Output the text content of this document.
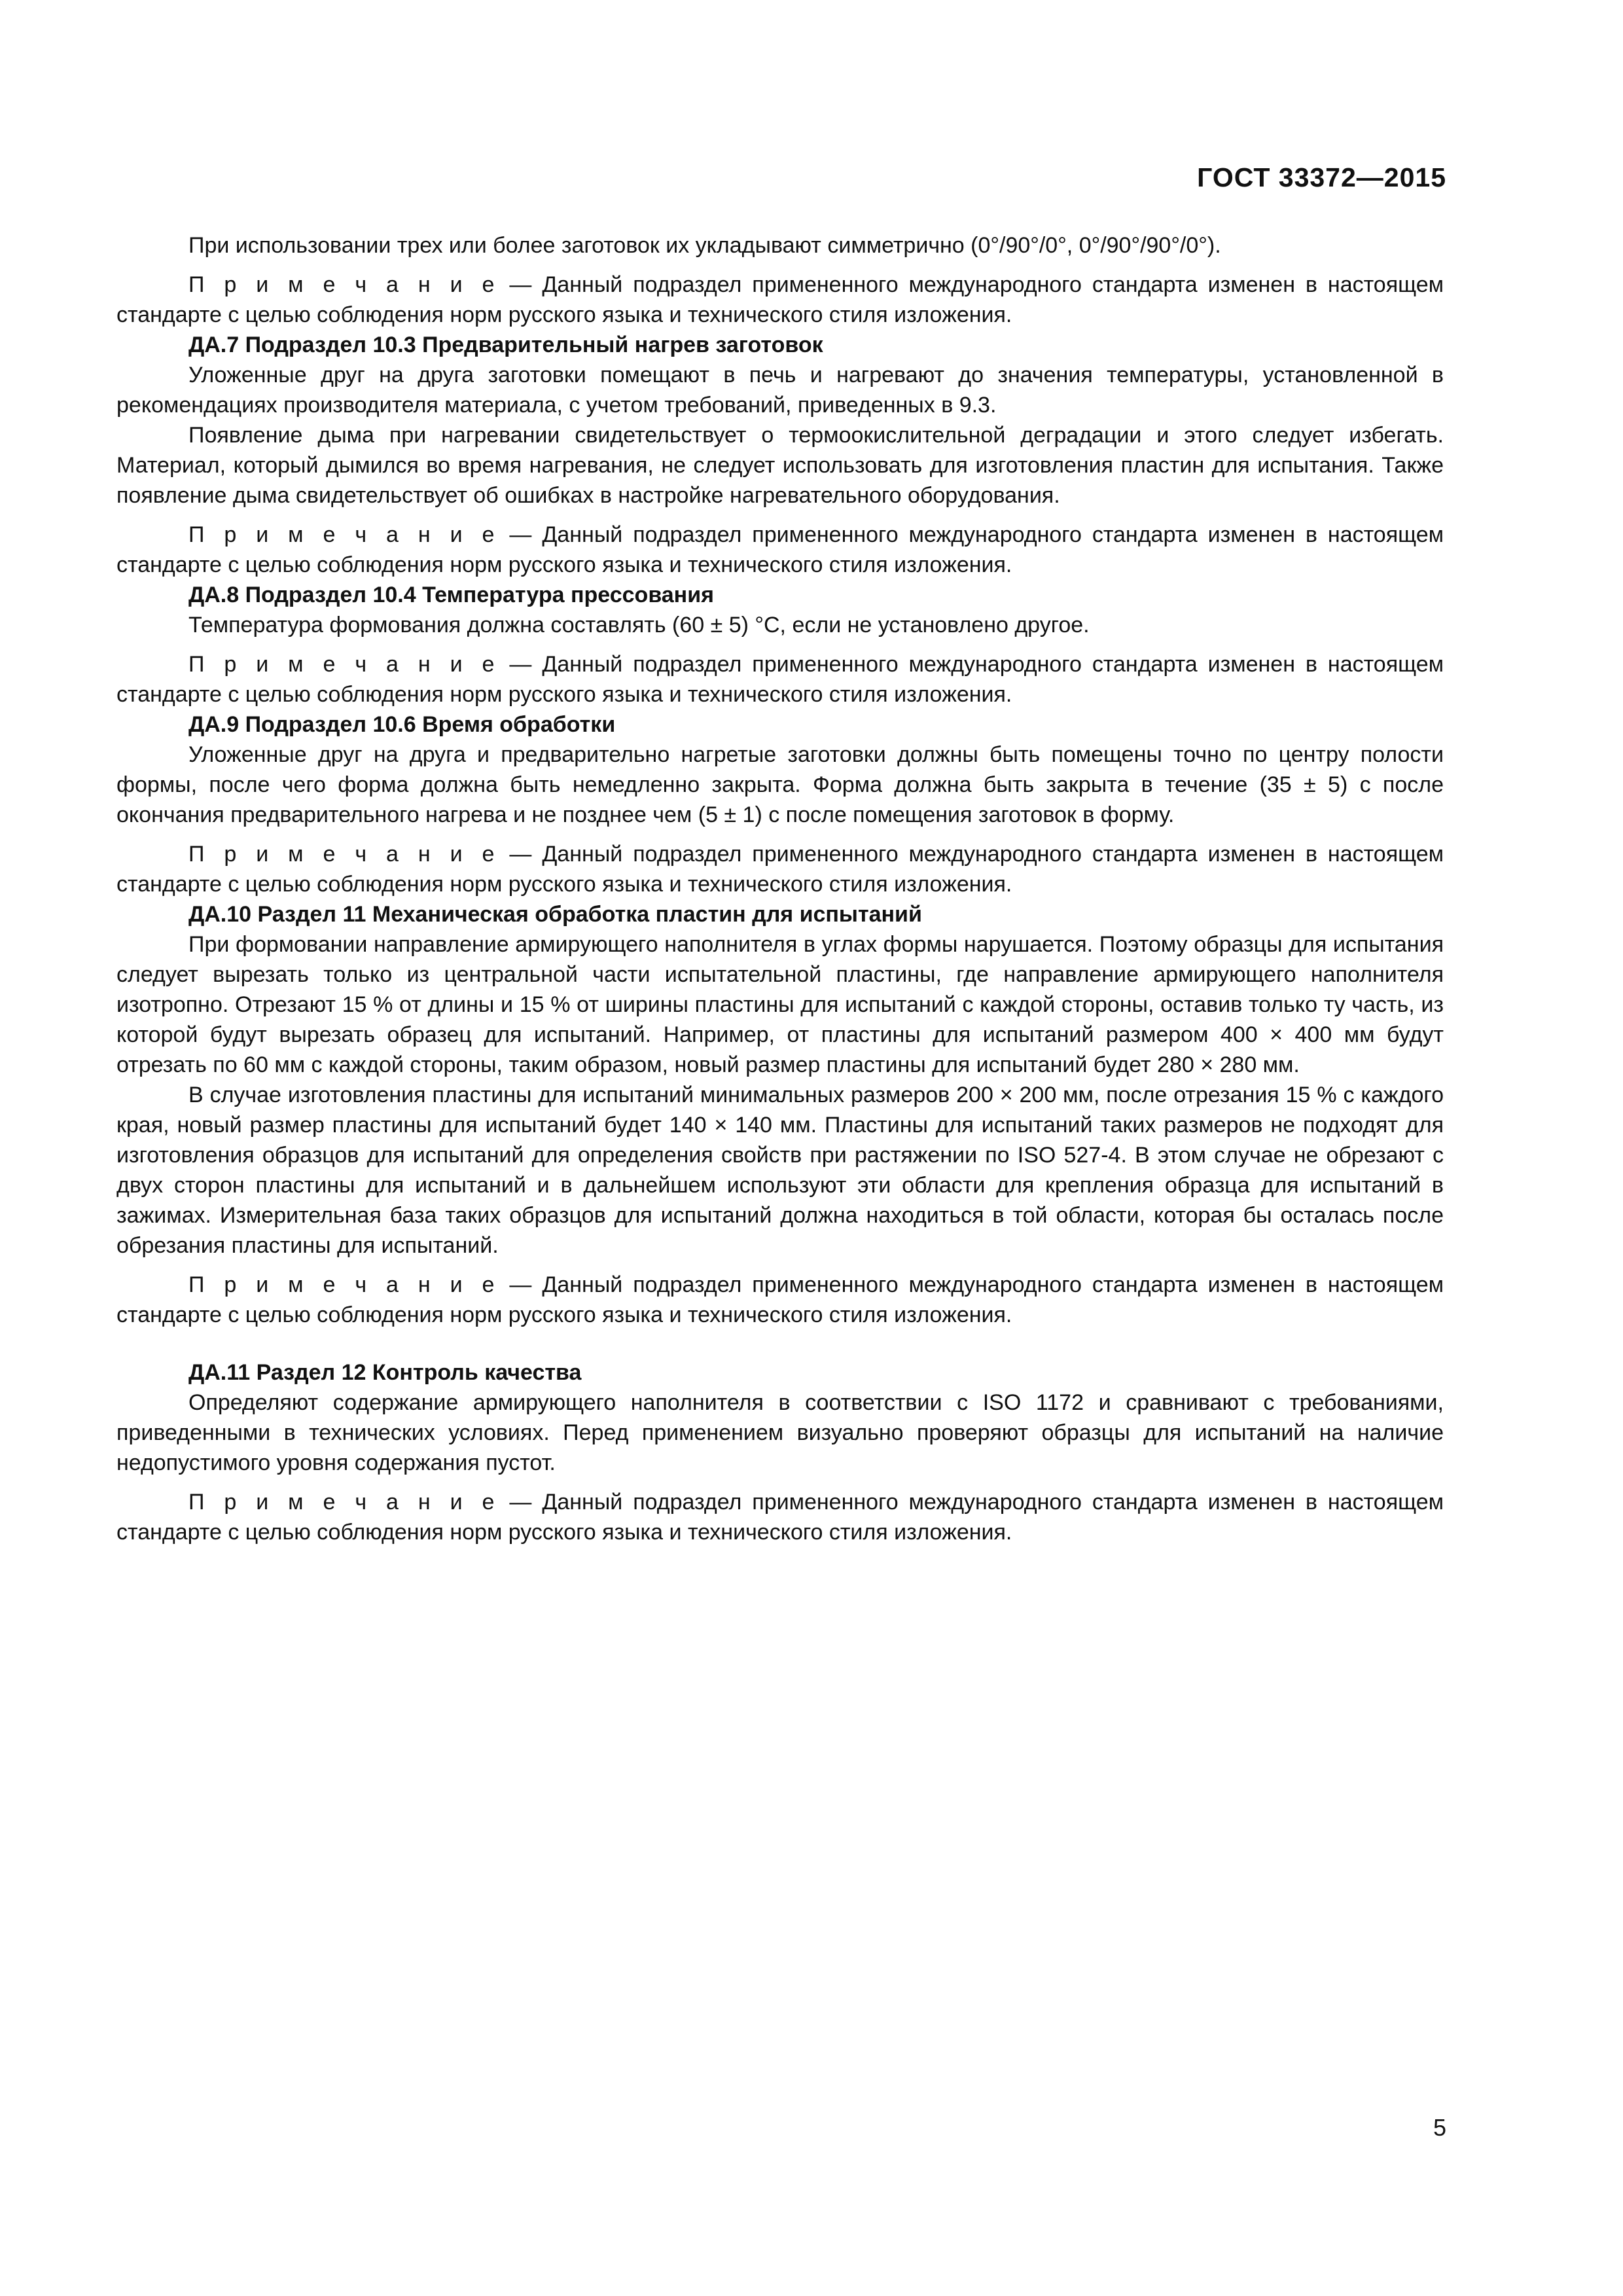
ГОСТ 33372—2015

При использовании трех или более заготовок их укладывают симметрично (0°/90°/0°, 0°/90°/90°/0°).

П р и м е ч а н и е — Данный подраздел примененного международного стандарта изменен в настоящем стандарте с целью соблюдения норм русского языка и технического стиля изложения.

ДА.7 Подраздел 10.3 Предварительный нагрев заготовок

Уложенные друг на друга заготовки помещают в печь и нагревают до значения температуры, установленной в рекомендациях производителя материала, с учетом требований, приведенных в 9.3.

Появление дыма при нагревании свидетельствует о термоокислительной деградации и этого следует избегать. Материал, который дымился во время нагревания, не следует использовать для изготовления пластин для испытания. Также появление дыма свидетельствует об ошибках в настройке нагревательного оборудования.

П р и м е ч а н и е — Данный подраздел примененного международного стандарта изменен в настоящем стандарте с целью соблюдения норм русского языка и технического стиля изложения.

ДА.8 Подраздел 10.4 Температура прессования

Температура формования должна составлять (60 ± 5) °С, если не установлено другое.

П р и м е ч а н и е — Данный подраздел примененного международного стандарта изменен в настоящем стандарте с целью соблюдения норм русского языка и технического стиля изложения.

ДА.9 Подраздел 10.6 Время обработки

Уложенные друг на друга и предварительно нагретые заготовки должны быть помещены точно по центру полости формы, после чего форма должна быть немедленно закрыта. Форма должна быть закрыта в течение (35 ± 5) с после окончания предварительного нагрева и не позднее чем (5 ± 1) с после помещения заготовок в форму.

П р и м е ч а н и е — Данный подраздел примененного международного стандарта изменен в настоящем стандарте с целью соблюдения норм русского языка и технического стиля изложения.

ДА.10 Раздел 11 Механическая обработка пластин для испытаний

При формовании направление армирующего наполнителя в углах формы нарушается. Поэтому образцы для испытания следует вырезать только из центральной части испытательной пластины, где направление армирующего наполнителя изотропно. Отрезают 15 % от длины и 15 % от ширины пластины для испытаний с каждой стороны, оставив только ту часть, из которой будут вырезать образец для испытаний. Например, от пластины для испытаний размером 400 × 400 мм будут отрезать по 60 мм с каждой стороны, таким образом, новый размер пластины для испытаний будет 280 × 280 мм.

В случае изготовления пластины для испытаний минимальных размеров 200 × 200 мм, после отрезания 15 % с каждого края, новый размер пластины для испытаний будет 140 × 140 мм. Пластины для испытаний таких размеров не подходят для изготовления образцов для испытаний для определения свойств при растяжении по ISO 527-4. В этом случае не обрезают с двух сторон пластины для испытаний и в дальнейшем используют эти области для крепления образца для испытаний в зажимах. Измерительная база таких образцов для испытаний должна находиться в той области, которая бы осталась после обрезания пластины для испытаний.

П р и м е ч а н и е — Данный подраздел примененного международного стандарта изменен в настоящем стандарте с целью соблюдения норм русского языка и технического стиля изложения.

ДА.11 Раздел 12 Контроль качества

Определяют содержание армирующего наполнителя в соответствии с ISO 1172 и сравнивают с требованиями, приведенными в технических условиях. Перед применением визуально проверяют образцы для испытаний на наличие недопустимого уровня содержания пустот.

П р и м е ч а н и е — Данный подраздел примененного международного стандарта изменен в настоящем стандарте с целью соблюдения норм русского языка и технического стиля изложения.

5
